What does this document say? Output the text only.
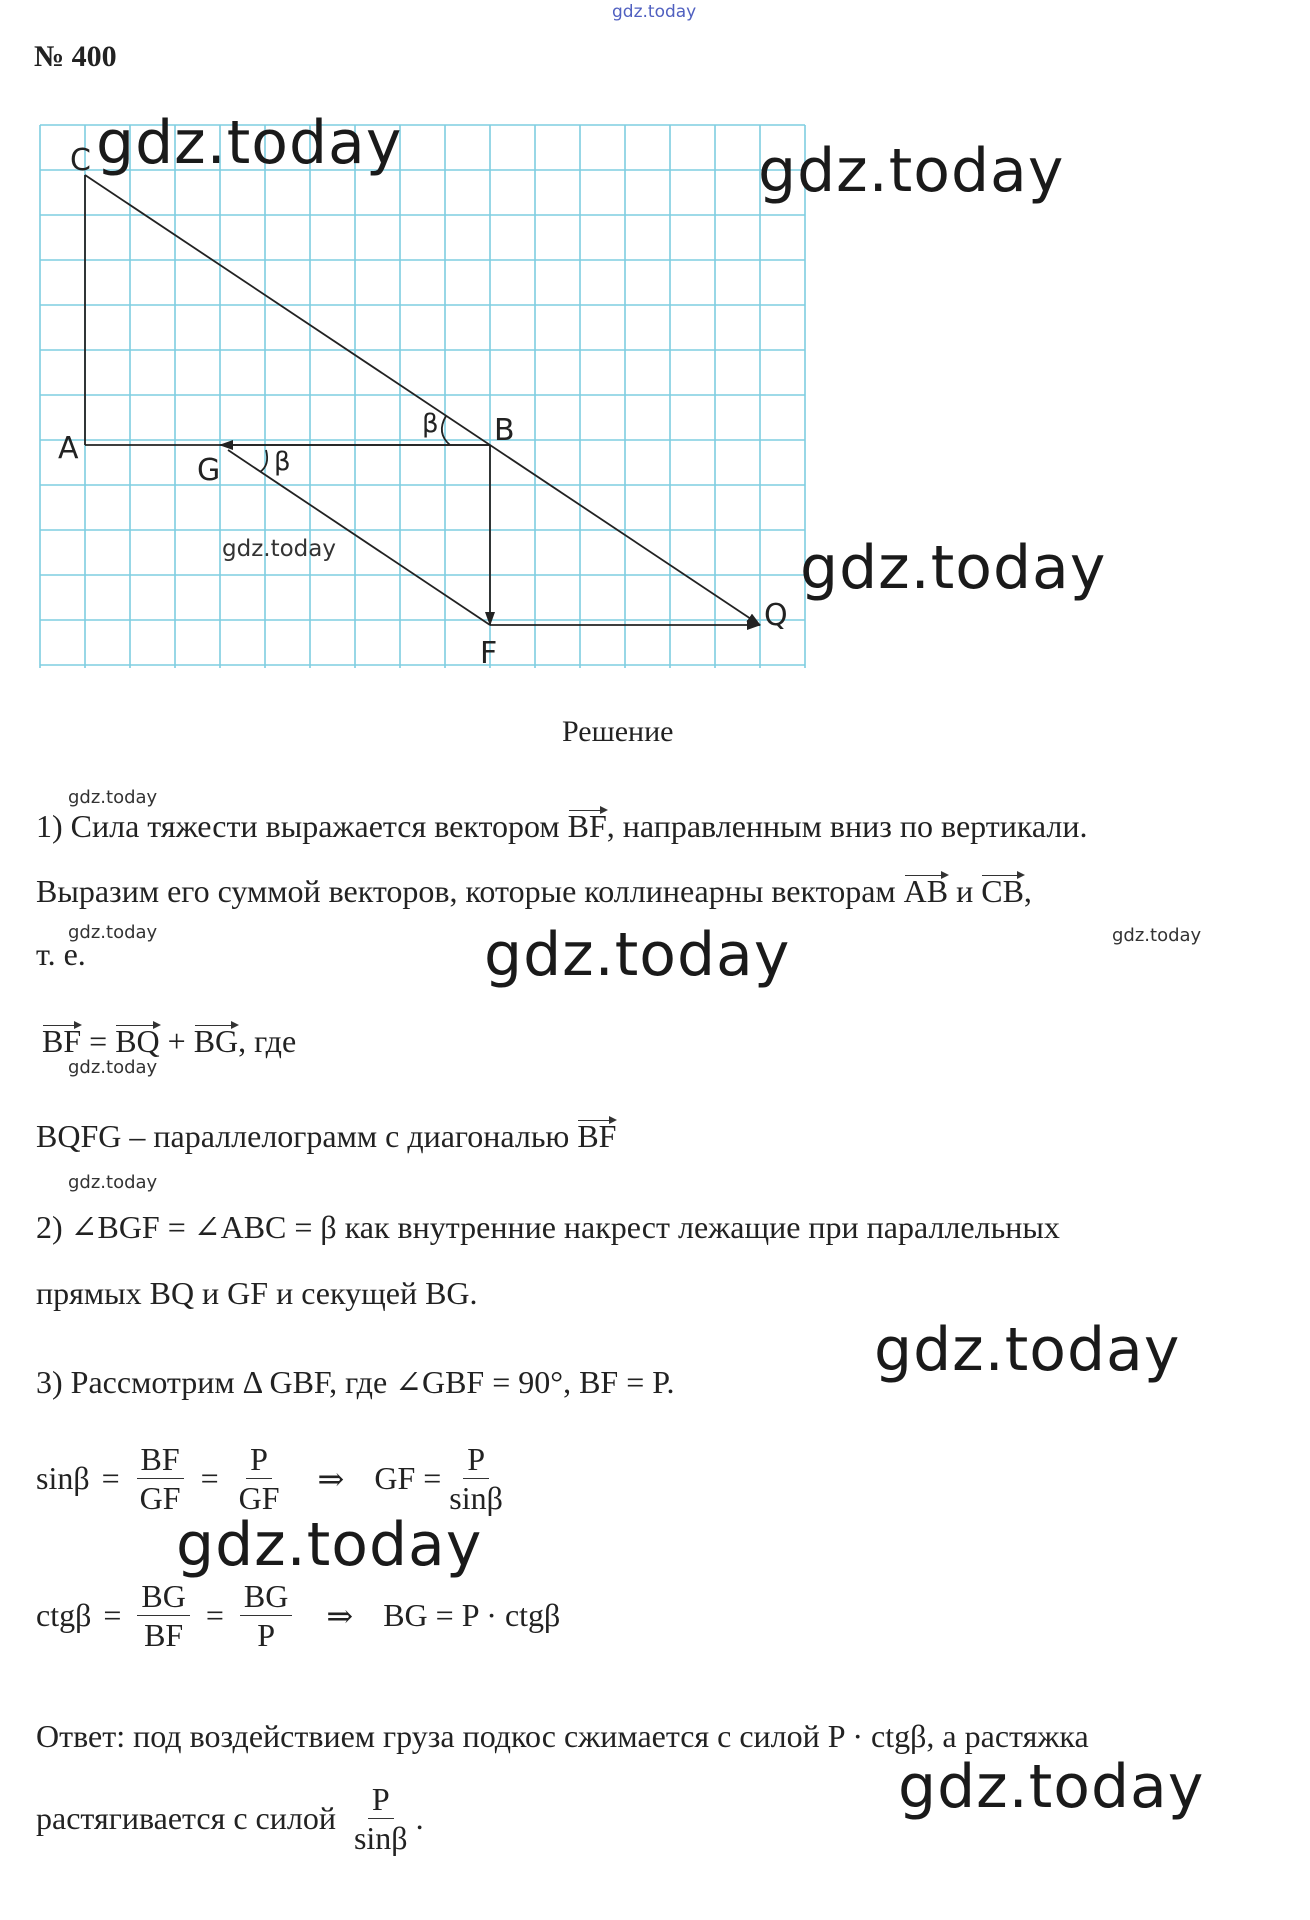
gdz.today
№ 400
C
A
B
G
F
Q
β
β
gdz.today	gdz.today
gdz.today
gdz.today
gdz.today
gdz.today
gdz.today
gdz.today
gdz.today
gdz.today	gdz.today
gdz.today
gdz.today
Решение
1) Сила тяжести выражается вектором BF, направленным вниз по вертикали.
Выразим его суммой векторов, которые коллинеарны векторам AB и CB,
т. е.
BF = BQ + BG, где
BQFG – параллелограмм с диагональю BF
2) ∠BGF = ∠ABC = β как внутренние накрест лежащие при параллельных
прямых BQ и GF и секущей BG.
3) Рассмотрим Δ GBF, где ∠GBF = 90°, BF = P.
$\sin\beta = \frac{BF}{GF} = \frac{P}{GF}$ ⇒ GF = $\frac{P}{\sin\beta}$
$ctg\beta = \frac{BG}{BF} = \frac{BG}{P}$ ⇒ BG = P · ctgβ
Ответ: под воздействием груза подкос сжимается с силой P · ctgβ, а растяжка
растягивается с силой $\frac{P}{\sin\beta}$ .
